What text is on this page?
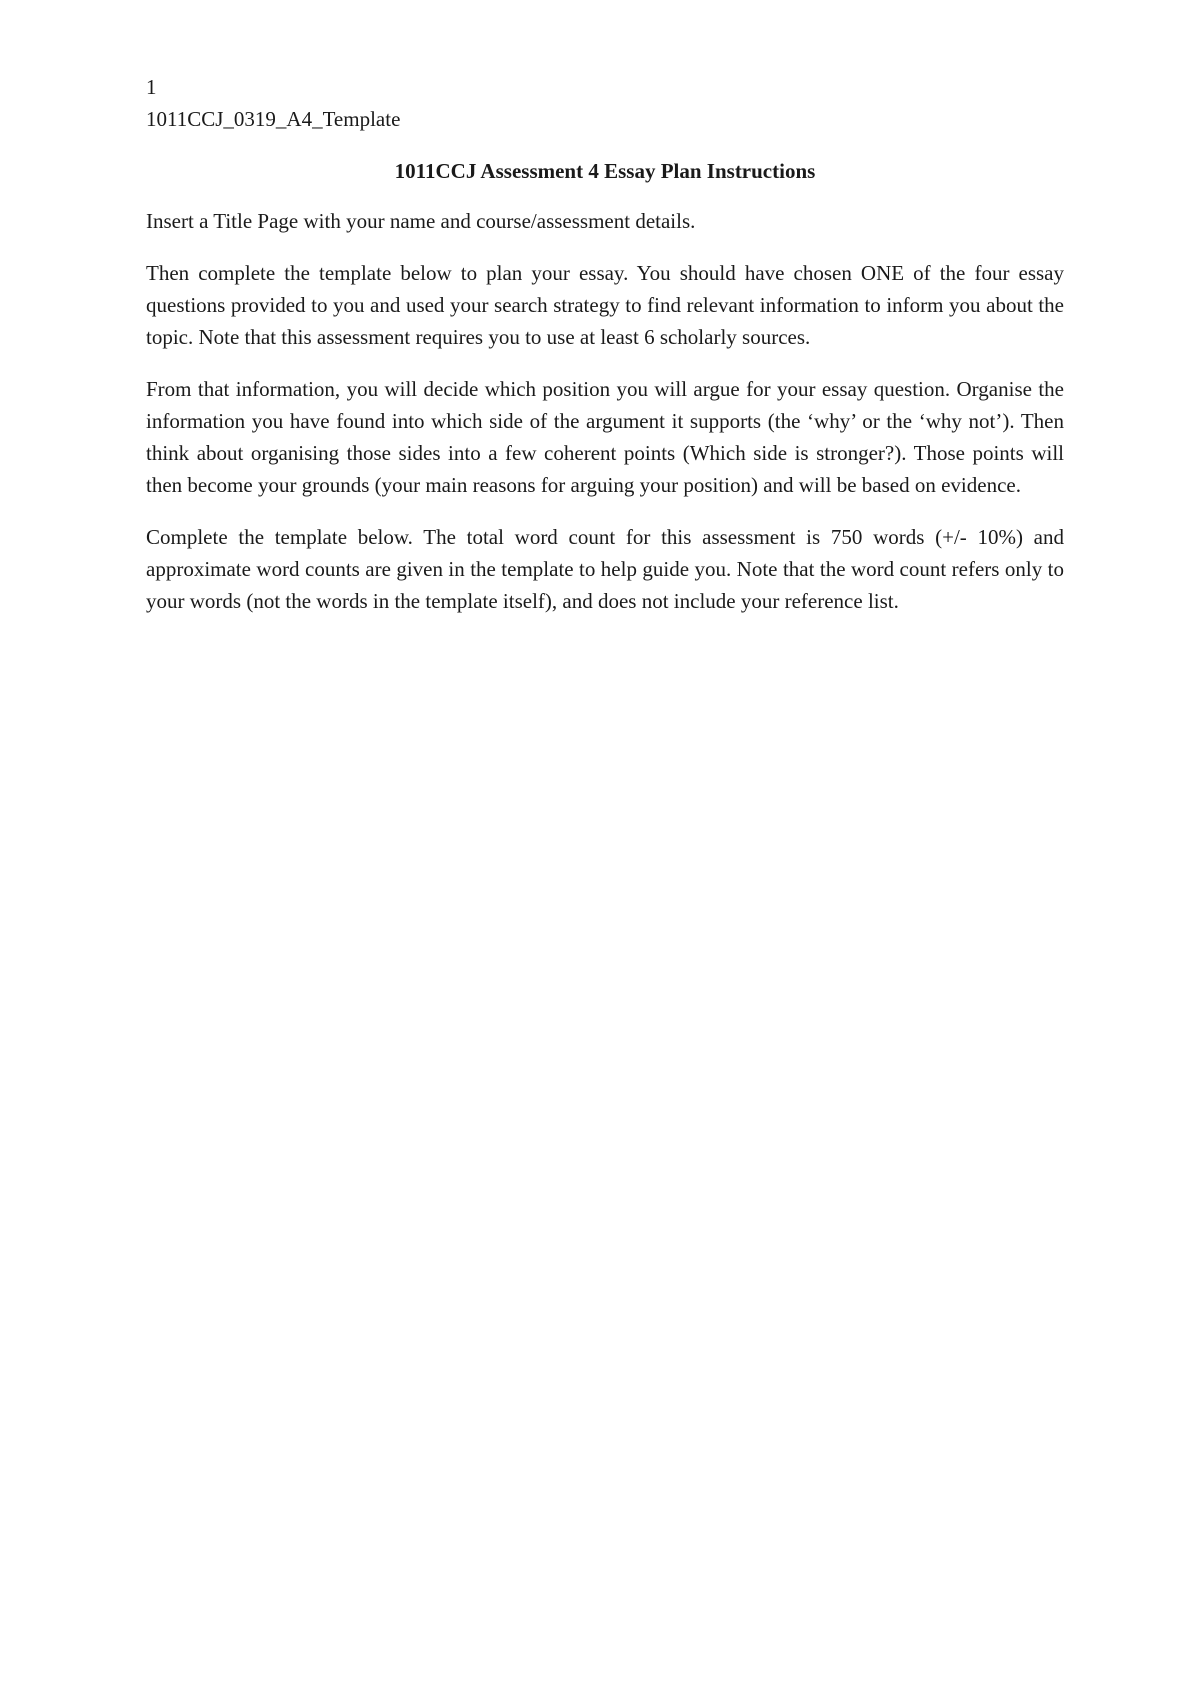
1

1011CCJ_0319_A4_Template

1011CCJ Assessment 4 Essay Plan Instructions

Insert a Title Page with your name and course/assessment details.

Then complete the template below to plan your essay. You should have chosen ONE of the four essay questions provided to you and used your search strategy to find relevant information to inform you about the topic. Note that this assessment requires you to use at least 6 scholarly sources.

From that information, you will decide which position you will argue for your essay question. Organise the information you have found into which side of the argument it supports (the ‘why’ or the ‘why not’). Then think about organising those sides into a few coherent points (Which side is stronger?). Those points will then become your grounds (your main reasons for arguing your position) and will be based on evidence.

Complete the template below. The total word count for this assessment is 750 words (+/- 10%) and approximate word counts are given in the template to help guide you. Note that the word count refers only to your words (not the words in the template itself), and does not include your reference list.
